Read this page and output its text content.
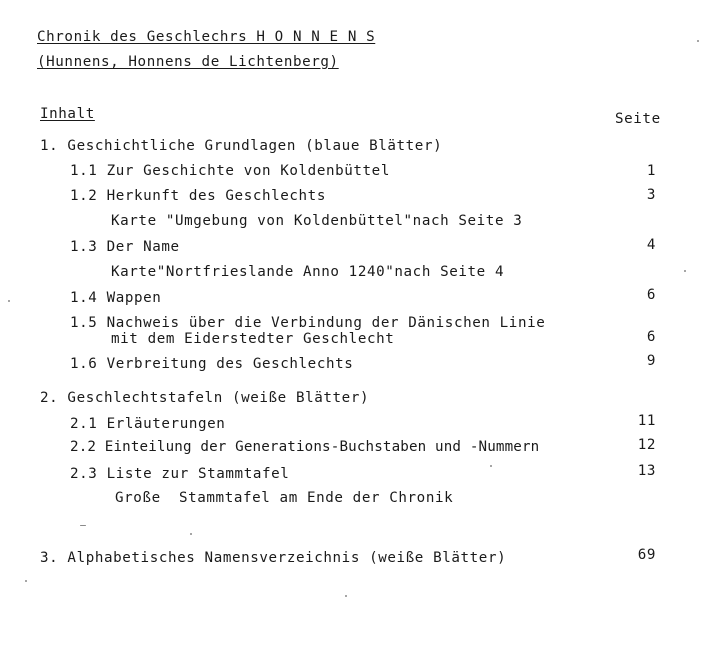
Chronik des Geschlechrs H O N N E N S
(Hunnens, Honnens de Lichtenberg)
Inhalt	Seite
1. Geschichtliche Grundlagen (blaue Blätter)
1.1 Zur Geschichte von Koldenbüttel	1
1.2 Herkunft des Geschlechts	3
Karte "Umgebung von Koldenbüttel"nach Seite 3
1.3 Der Name	4
Karte"Nortfrieslande Anno 1240"nach Seite 4
1.4 Wappen	6
1.5 Nachweis über die Verbindung der Dänischen Linie
mit dem Eiderstedter Geschlecht	6
1.6 Verbreitung des Geschlechts	9
2. Geschlechtstafeln (weiße Blätter)
2.1 Erläuterungen	11
2.2 Einteilung der Generations-Buchstaben und -Nummern	12
2.3 Liste zur Stammtafel	13
Große  Stammtafel am Ende der Chronik
3. Alphabetisches Namensverzeichnis (weiße Blätter)	69
